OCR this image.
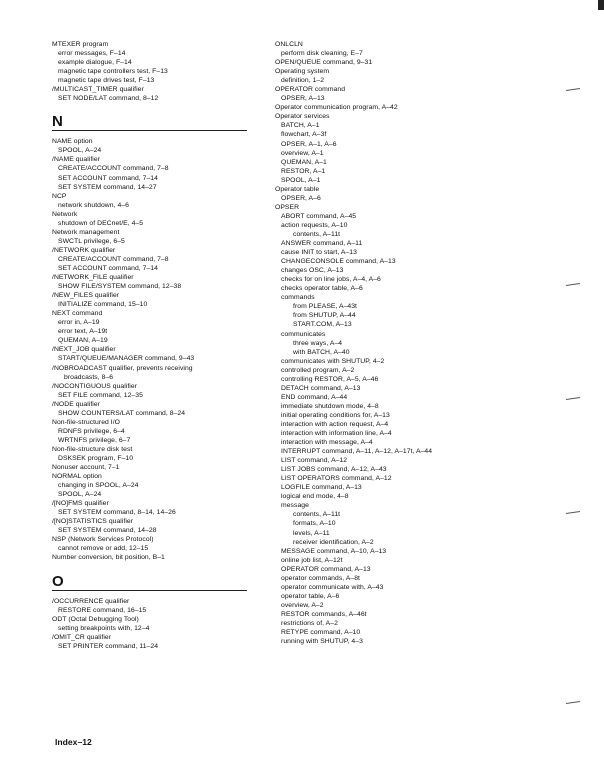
MTEXER program
error messages, F–14
example dialogue, F–14
magnetic tape controllers test, F–13
magnetic tape drives test, F–13
/MULTICAST_TIMER qualifier
SET NODE/LAT command, 8–12
N
NAME option
SPOOL, A–24
/NAME qualifier
CREATE/ACCOUNT command, 7–8
SET ACCOUNT command, 7–14
SET SYSTEM command, 14–27
NCP
network shutdown, 4–6
Network
shutdown of DECnet/E, 4–5
Network management
SWCTL privilege, 6–5
/NETWORK qualifier
CREATE/ACCOUNT command, 7–8
SET ACCOUNT command, 7–14
/NETWORK_FILE qualifier
SHOW FILE/SYSTEM command, 12–38
/NEW_FILES qualifier
INITIALIZE command, 15–10
NEXT command
error in, A–19
error text, A–19t
QUEMAN, A–19
/NEXT_JOB qualifier
START/QUEUE/MANAGER command, 9–43
/NOBROADCAST qualifier, prevents receiving
broadcasts, 8–6
/NOCONTIGUOUS qualifier
SET FILE command, 12–35
/NODE qualifier
SHOW COUNTERS/LAT command, 8–24
Non-file-structured I/O
RDNFS privilege, 6–4
WRTNFS privilege, 6–7
Non-file-structure disk test
DSKSEK program, F–10
Nonuser account, 7–1
NORMAL option
changing in SPOOL, A–24
SPOOL, A–24
/[NO]FMS qualifier
SET SYSTEM command, 8–14, 14–26
/[NO]STATISTICS qualifier
SET SYSTEM command, 14–28
NSP (Network Services Protocol)
cannot remove or add, 12–15
Number conversion, bit position, B–1
O
/OCCURRENCE qualifier
RESTORE command, 16–15
ODT (Octal Debugging Tool)
setting breakpoints with, 12–4
/OMIT_CR qualifier
SET PRINTER command, 11–24
ONLCLN
perform disk cleaning, E–7
OPEN/QUEUE command, 9–31
Operating system
definition, 1–2
OPERATOR command
OPSER, A–13
Operator communication program, A–42
Operator services
BATCH, A–1
flowchart, A–3f
OPSER, A–1, A–6
overview, A–1
QUEMAN, A–1
RESTOR, A–1
SPOOL, A–1
Operator table
OPSER, A–6
OPSER
ABORT command, A–45
action requests, A–10
contents, A–11t
ANSWER command, A–11
cause INIT to start, A–13
CHANGECONSOLE command, A–13
changes OSC, A–13
checks for on line jobs, A–4, A–6
checks operator table, A–6
commands
from PLEASE, A–43t
from SHUTUP, A–44
START.COM, A–13
communicates
three ways, A–4
with BATCH, A–40
communicates with SHUTUP, 4–2
controlled program, A–2
controlling RESTOR, A–5, A–46
DETACH command, A–13
END command, A–44
immediate shutdown mode, 4–8
initial operating conditions for, A–13
interaction with action request, A–4
interaction with information line, A–4
interaction with message, A–4
INTERRUPT command, A–11, A–12, A–17t, A–44
LIST command, A–12
LIST JOBS command, A–12, A–43
LIST OPERATORS command, A–12
LOGFILE command, A–13
logical end mode, 4–8
message
contents, A–11t
formats, A–10
levels, A–11
receiver identification, A–2
MESSAGE command, A–10, A–13
online job list, A–12t
OPERATOR command, A–13
operator commands, A–8t
operator communicate with, A–43
operator table, A–6
overview, A–2
RESTOR commands, A–46t
restrictions of, A–2
RETYPE command, A–10
running with SHUTUP, 4–3
Index–12
